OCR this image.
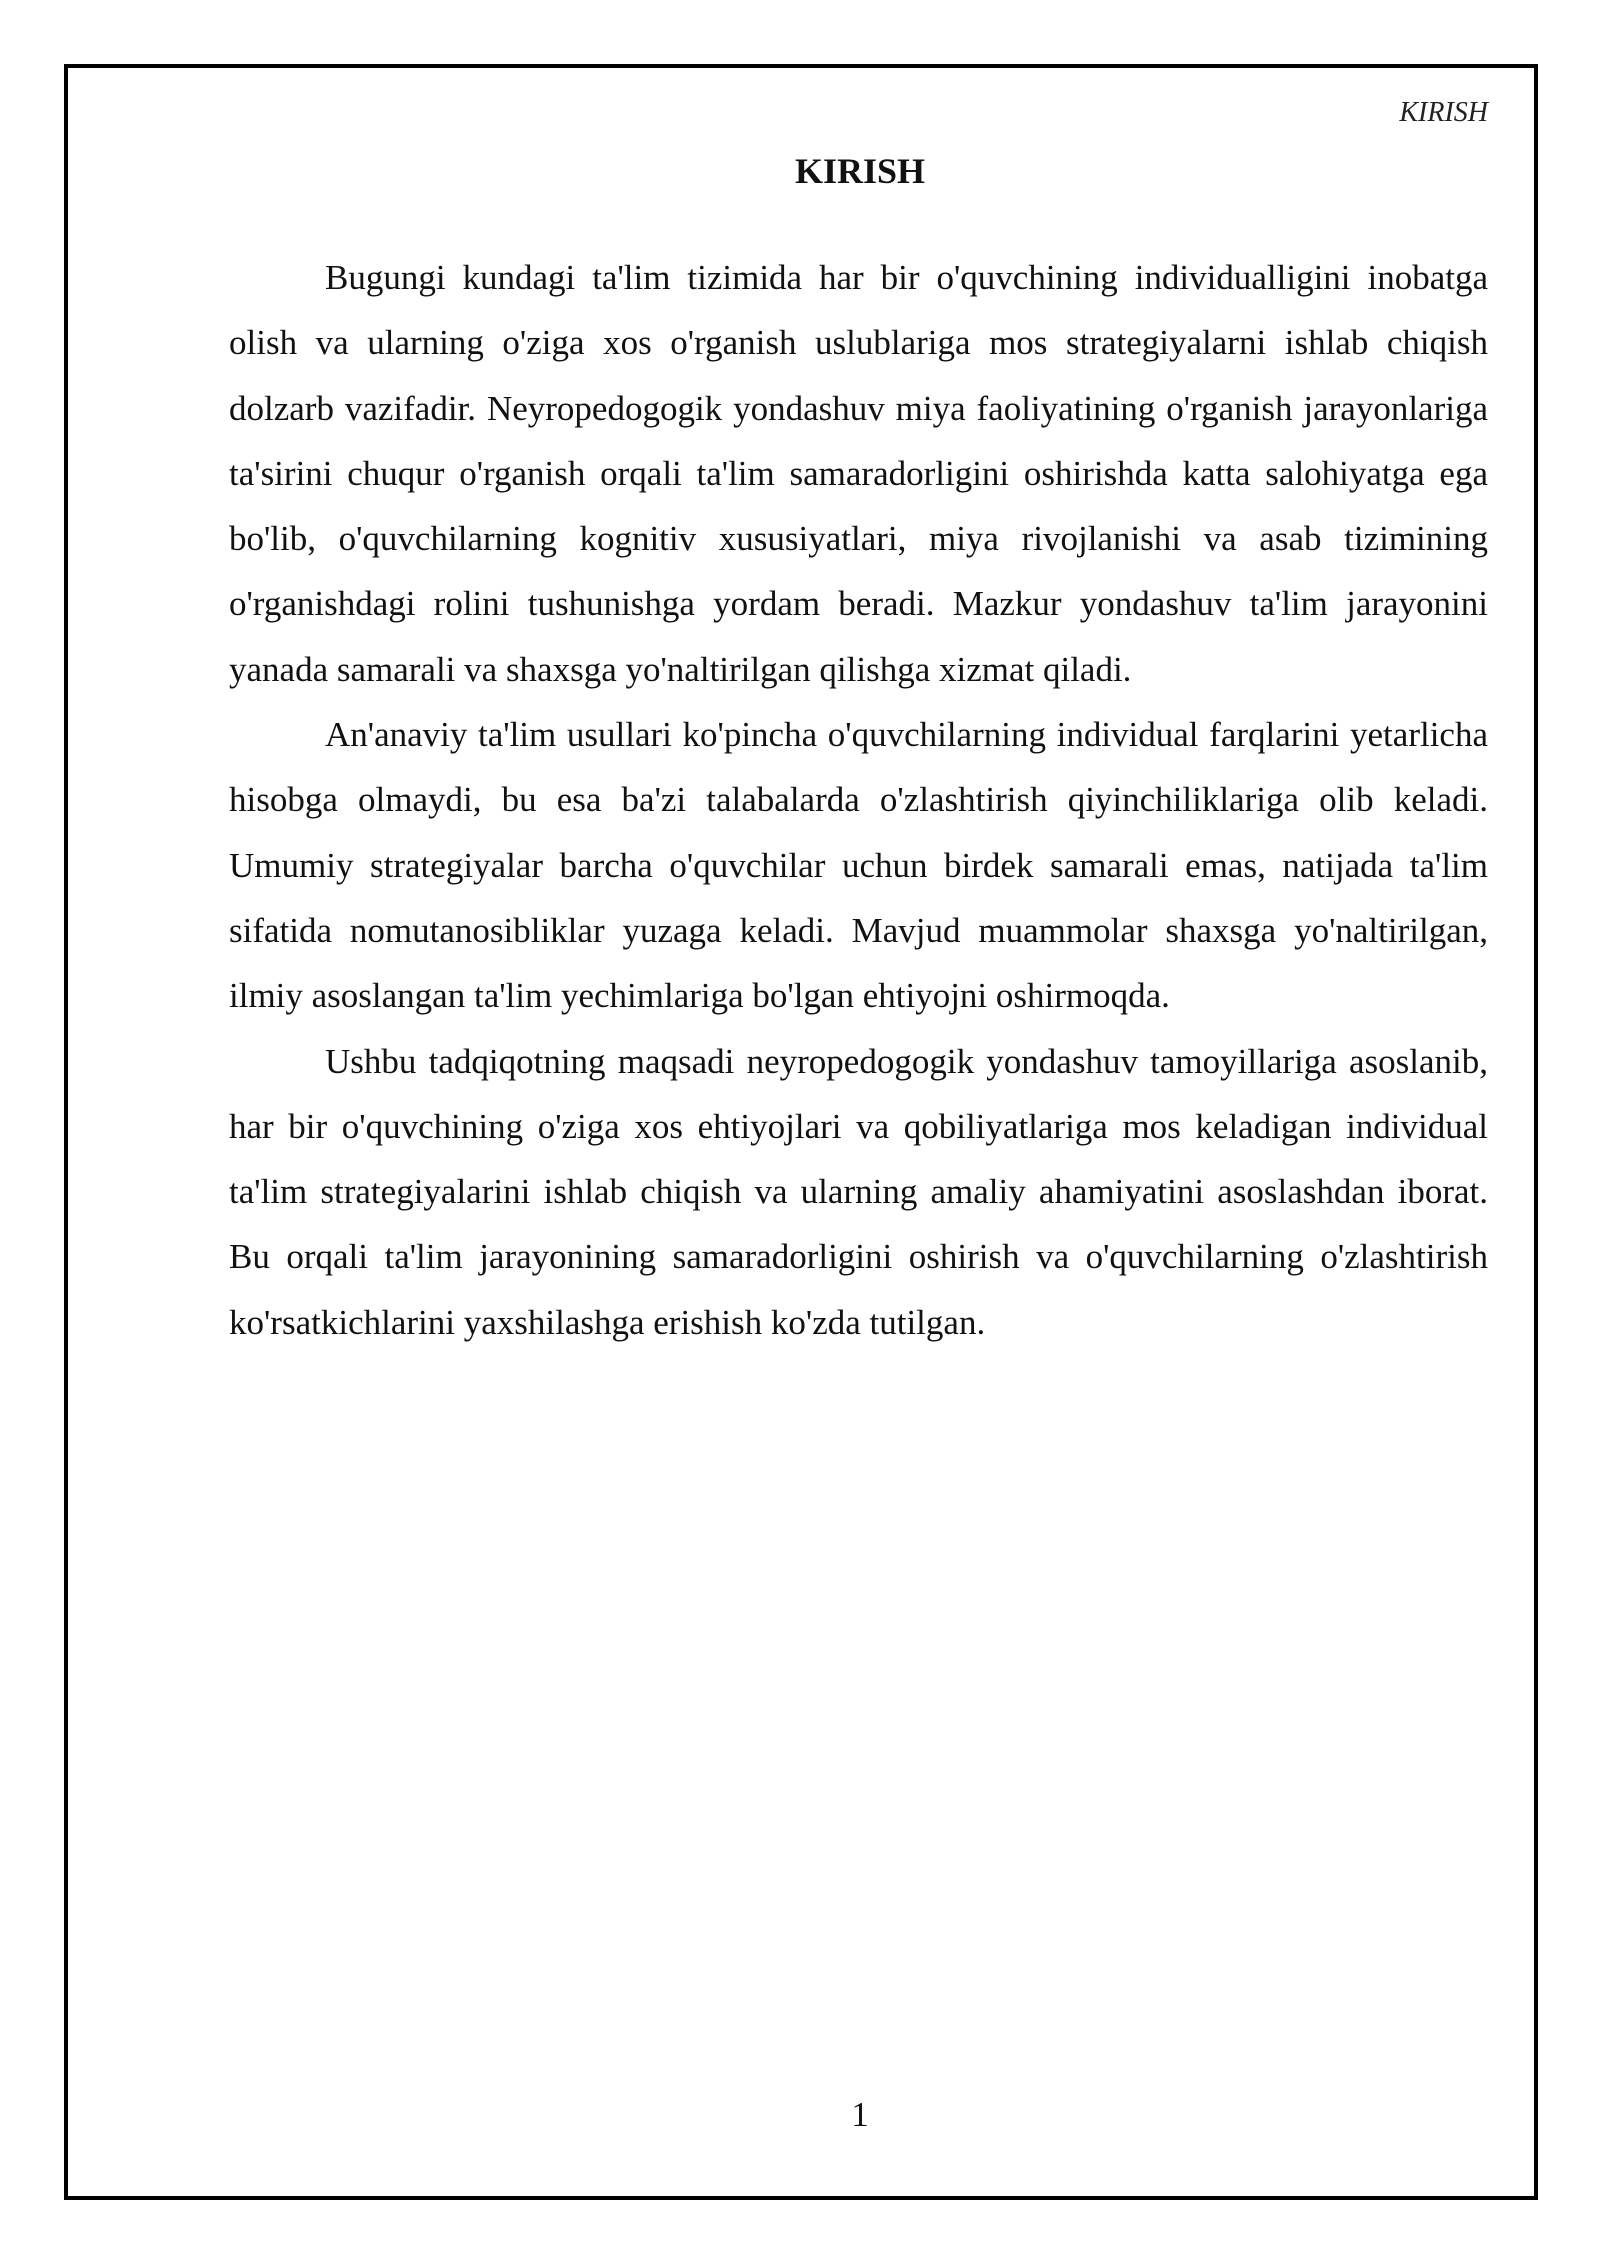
KIRISH
KIRISH

Bugungi kundagi ta'lim tizimida har bir o'quvchining individualligini inobatga olish va ularning o'ziga xos o'rganish uslublariga mos strategiyalarni ishlab chiqish dolzarb vazifadir. Neyropedogogik yondashuv miya faoliyatining o'rganish jarayonlariga ta'sirini chuqur o'rganish orqali ta'lim samaradorligini oshirishda katta salohiyatga ega bo'lib, o'quvchilarning kognitiv xususiyatlari, miya rivojlanishi va asab tizimining o'rganishdagi rolini tushunishga yordam beradi. Mazkur yondashuv ta'lim jarayonini yanada samarali va shaxsga yo'naltirilgan qilishga xizmat qiladi.

An'anaviy ta'lim usullari ko'pincha o'quvchilarning individual farqlarini yetarlicha hisobga olmaydi, bu esa ba'zi talabalarda o'zlashtirish qiyinchiliklariga olib keladi. Umumiy strategiyalar barcha o'quvchilar uchun birdek samarali emas, natijada ta'lim sifatida nomutanosibliklar yuzaga keladi. Mavjud muammolar shaxsga yo'naltirilgan, ilmiy asoslangan ta'lim yechimlariga bo'lgan ehtiyojni oshirmoqda.

Ushbu tadqiqotning maqsadi neyropedogogik yondashuv tamoyillariga asoslanib, har bir o'quvchining o'ziga xos ehtiyojlari va qobiliyatlariga mos keladigan individual ta'lim strategiyalarini ishlab chiqish va ularning amaliy ahamiyatini asoslashdan iborat. Bu orqali ta'lim jarayonining samaradorligini oshirish va o'quvchilarning o'zlashtirish ko'rsatkichlarini yaxshilashga erishish ko'zda tutilgan.

1
